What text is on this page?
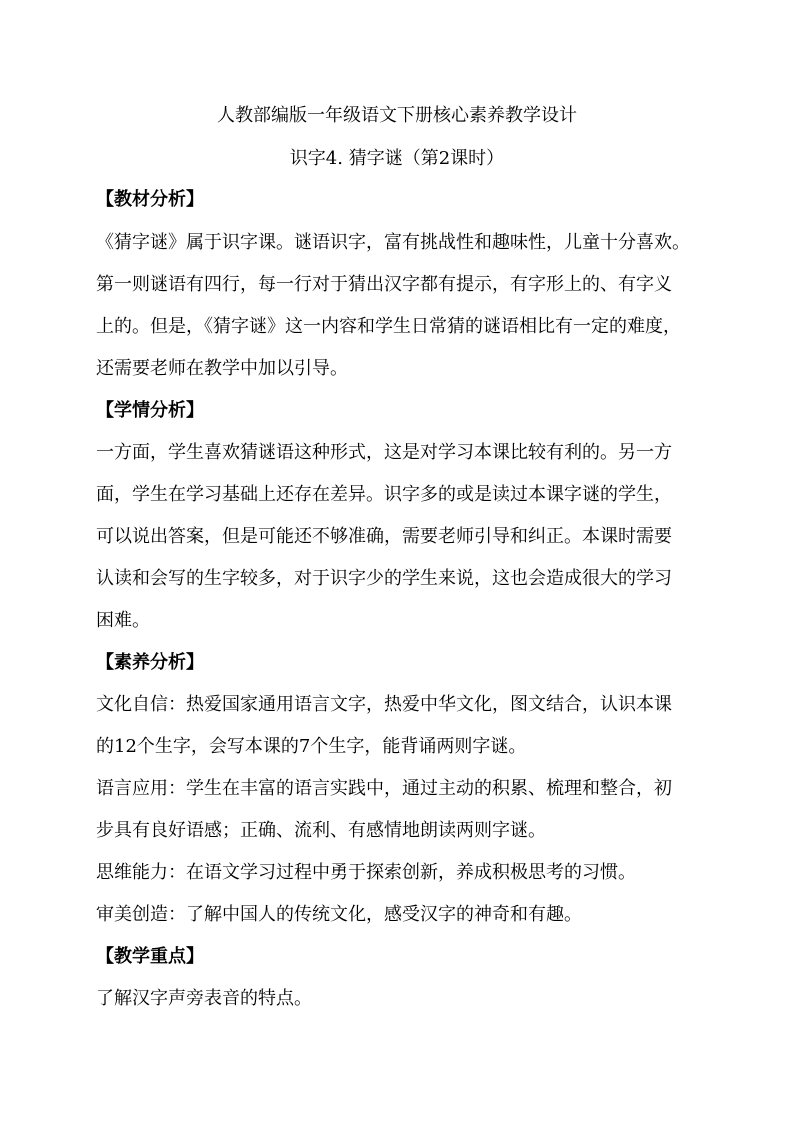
人教部编版一年级语文下册核心素养教学设计
识字4. 猜字谜（第2课时）
【教材分析】
《猜字谜》属于识字课。谜语识字，富有挑战性和趣味性，儿童十分喜欢。
第一则谜语有四行，每一行对于猜出汉字都有提示，有字形上的、有字义
上的。但是，《猜字谜》这一内容和学生日常猜的谜语相比有一定的难度，
还需要老师在教学中加以引导。
【学情分析】
一方面，学生喜欢猜谜语这种形式，这是对学习本课比较有利的。另一方
面，学生在学习基础上还存在差异。识字多的或是读过本课字谜的学生，
可以说出答案，但是可能还不够准确，需要老师引导和纠正。本课时需要
认读和会写的生字较多，对于识字少的学生来说，这也会造成很大的学习
困难。
【素养分析】
文化自信：热爱国家通用语言文字，热爱中华文化，图文结合，认识本课
的12个生字，会写本课的7个生字，能背诵两则字谜。
语言应用：学生在丰富的语言实践中，通过主动的积累、梳理和整合，初
步具有良好语感；正确、流利、有感情地朗读两则字谜。
思维能力：在语文学习过程中勇于探索创新，养成积极思考的习惯。
审美创造：了解中国人的传统文化，感受汉字的神奇和有趣。
【教学重点】
了解汉字声旁表音的特点。
